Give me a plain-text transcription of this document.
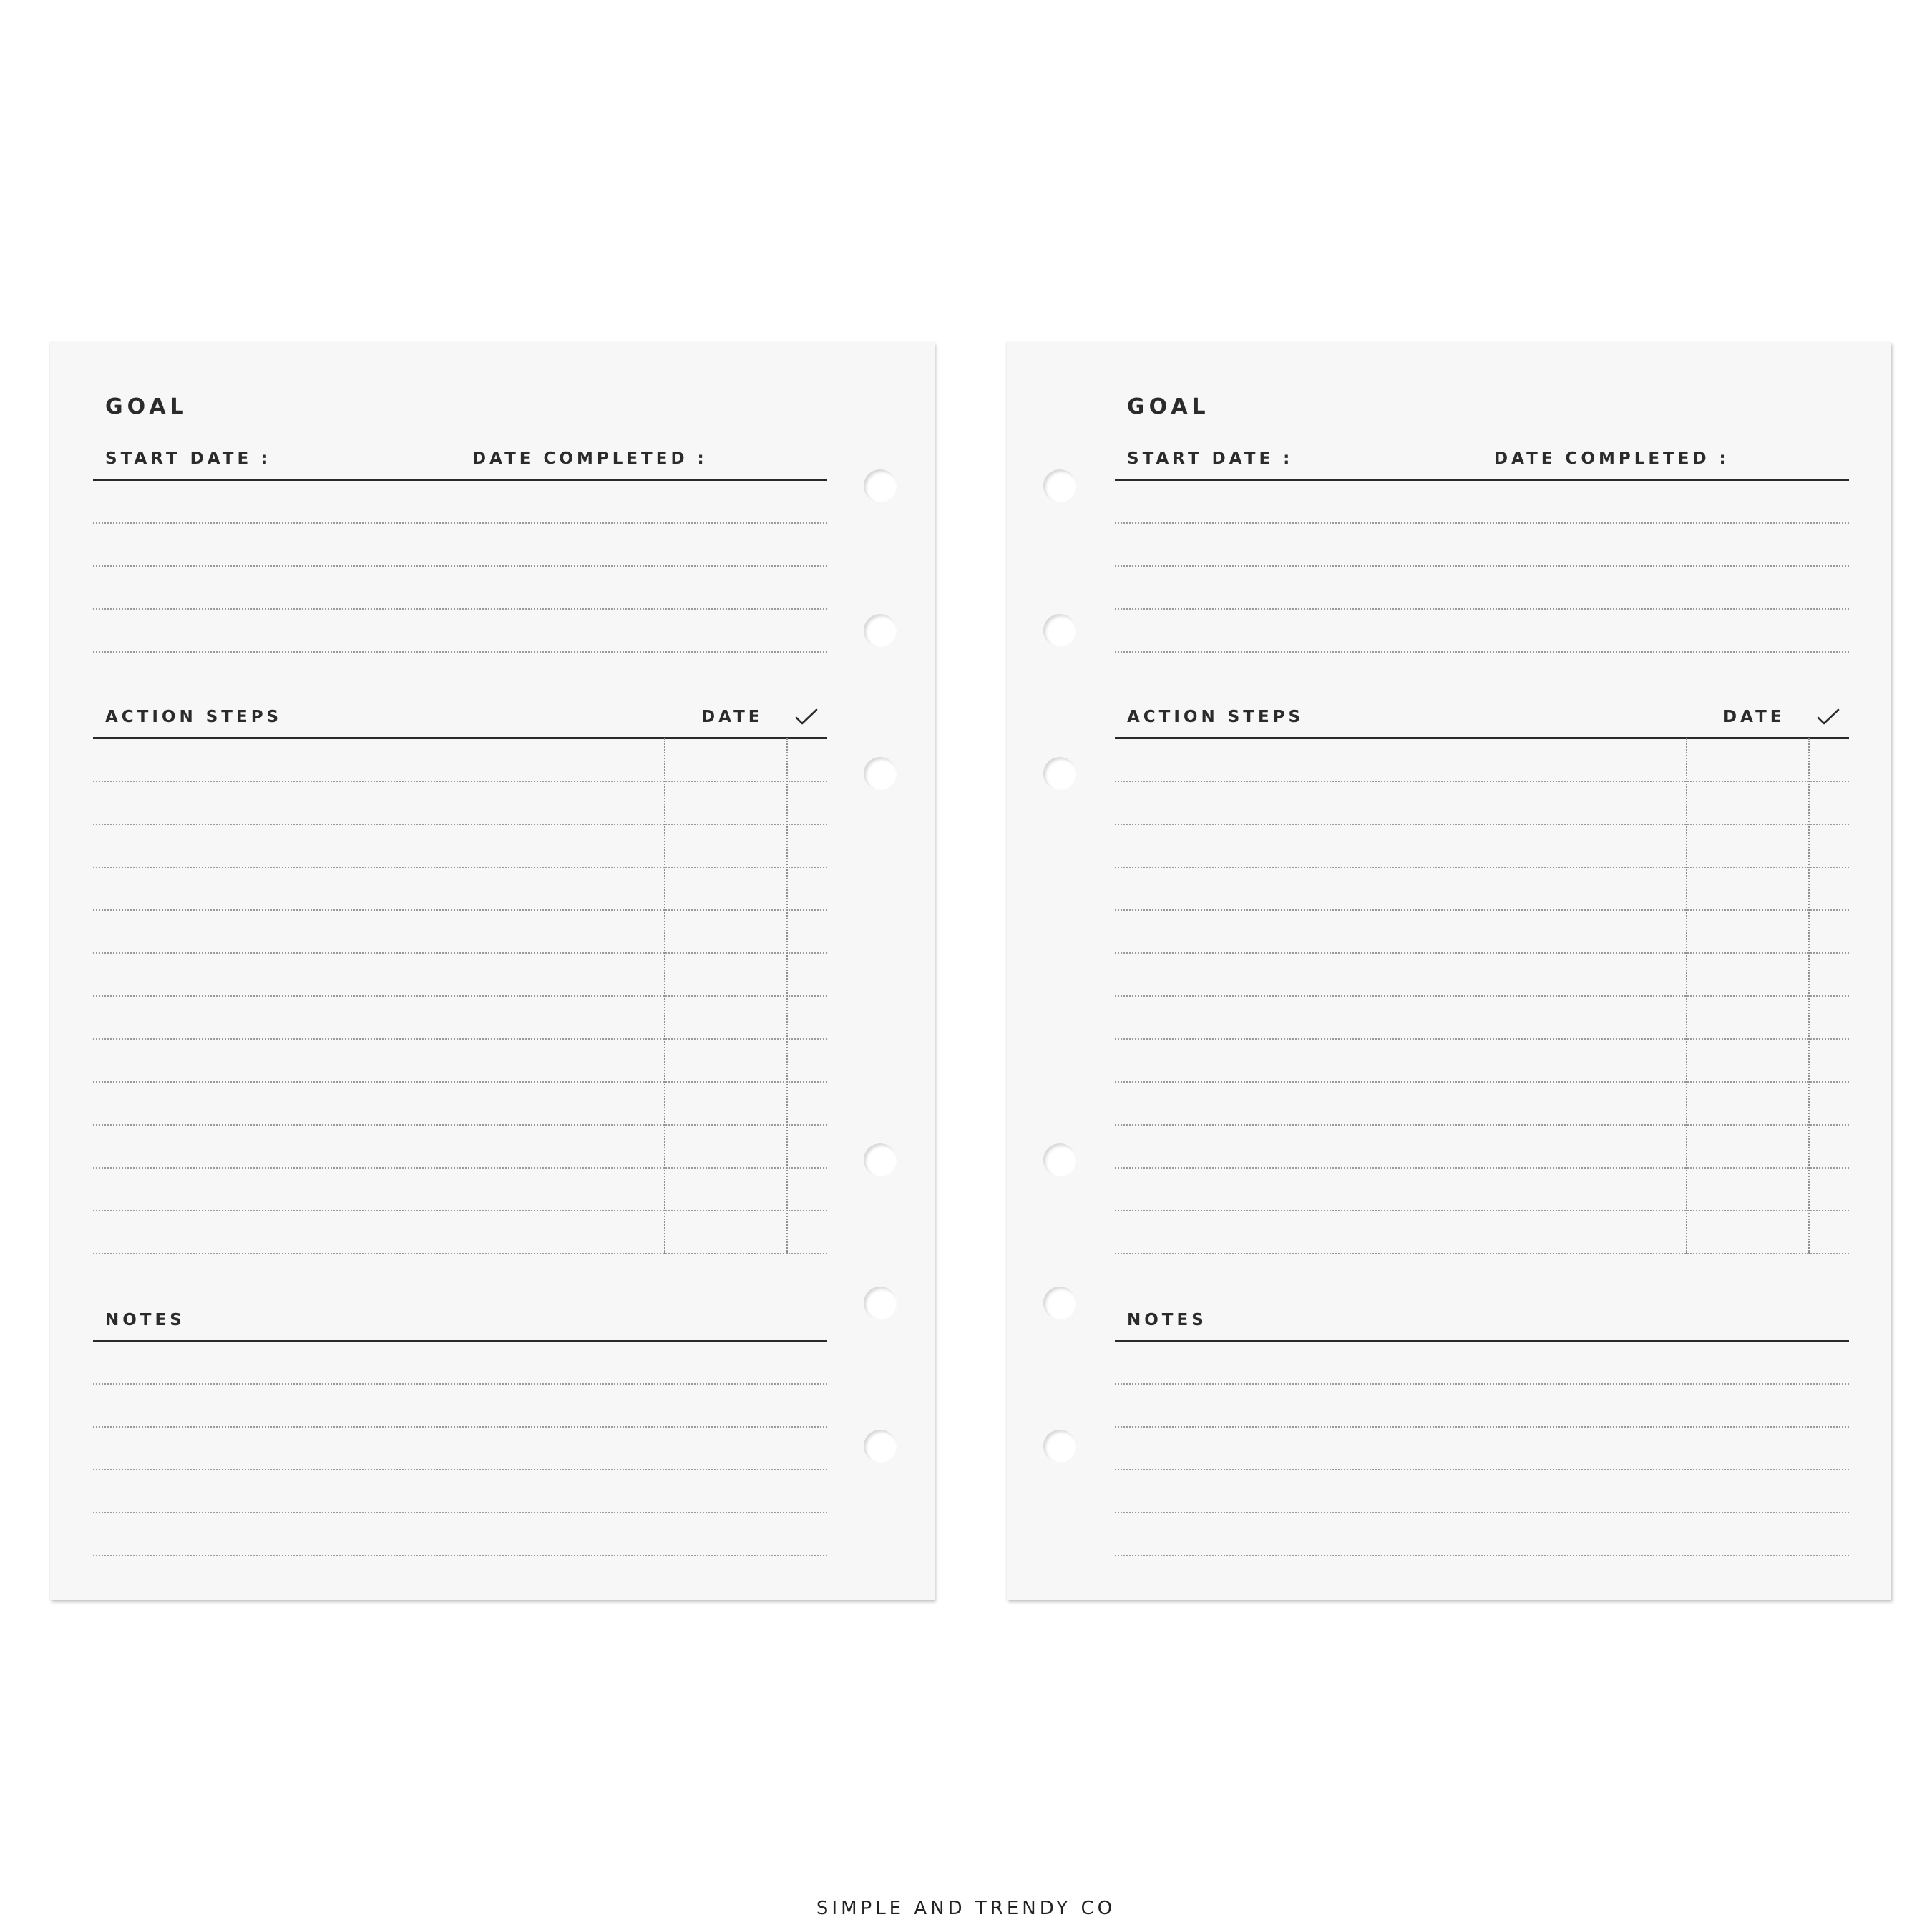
GOAL
START DATE :	DATE COMPLETED :
ACTION STEPS	DATE
NOTES
GOAL
START DATE :	DATE COMPLETED :
ACTION STEPS	DATE
NOTES
SIMPLE AND TRENDY CO
